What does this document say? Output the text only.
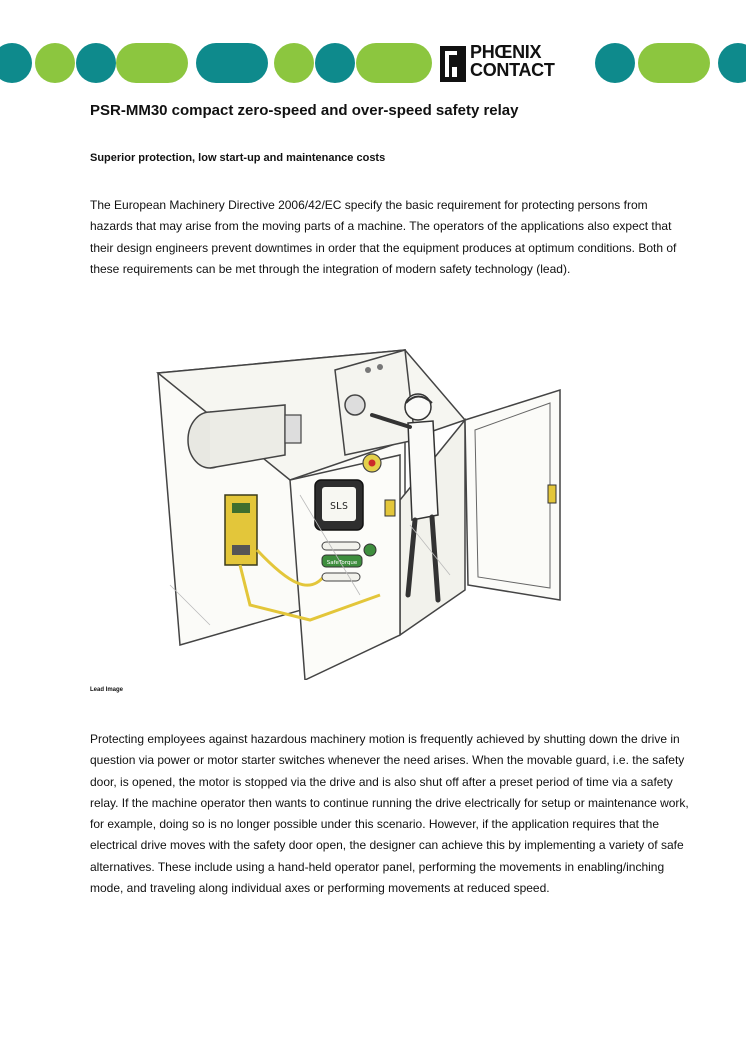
PHŒNIX
CONTACT
PSR-MM30 compact zero-speed and over-speed safety relay
Superior protection, low start-up and maintenance costs

The European Machinery Directive 2006/42/EC specify the basic requirement for protecting persons from hazards that may arise from the moving parts of a machine. The operators of the applications also expect that their design engineers prevent downtimes in order that the equipment produces at optimum conditions. Both of these requirements can be met through the integration of modern safety technology (lead).

SLS
SafeTorque

Lead Image

Protecting employees against hazardous machinery motion is frequently achieved by shutting down the drive in question via power or motor starter switches whenever the need arises. When the movable guard, i.e. the safety door, is opened, the motor is stopped via the drive and is also shut off after a preset period of time via a safety relay. If the machine operator then wants to continue running the drive electrically for setup or maintenance work, for example, doing so is no longer possible under this scenario. However, if the application requires that the electrical drive moves with the safety door open, the designer can achieve this by implementing a variety of safe alternatives. These include using a hand-held operator panel, performing the movements in enabling/inching mode, and traveling along individual axes or performing movements at reduced speed.
